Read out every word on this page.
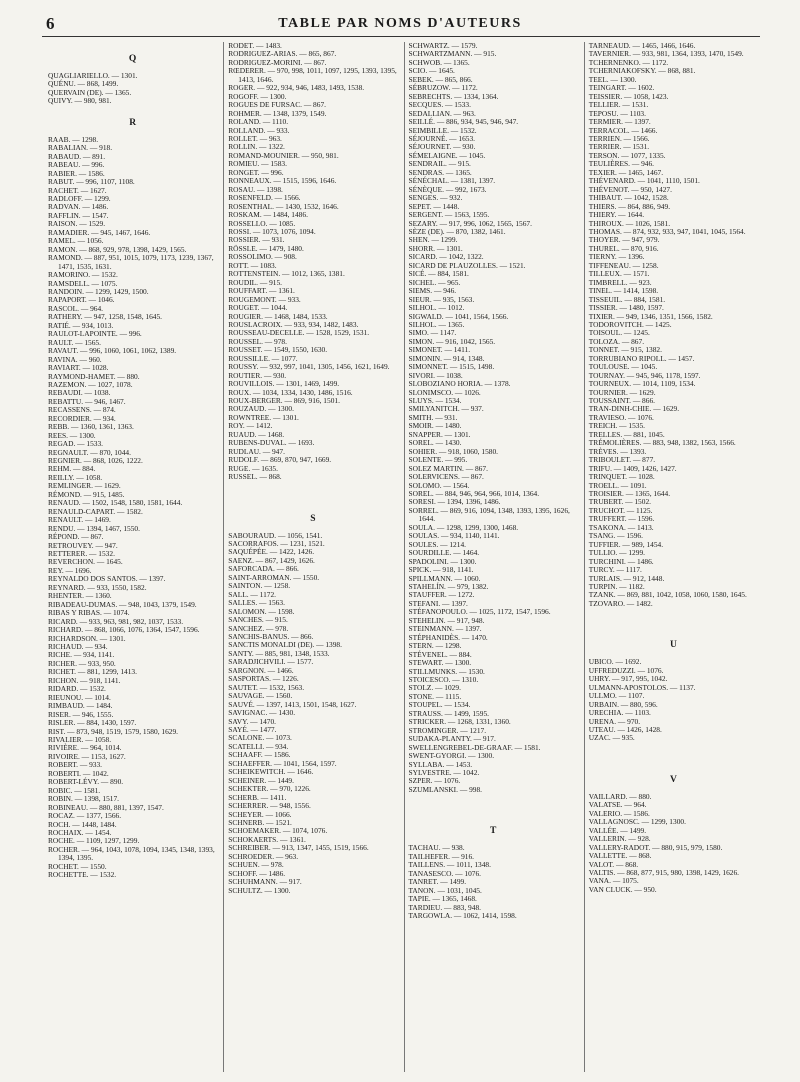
6	TABLE PAR NOMS D'AUTEURS
Q
QUAGLIARIELLO. — 1301.
QUÉNU. — 868, 1499.
QUERVAIN (DE). — 1365.
QUIVY. — 980, 981.
R
RAAB. — 1298.
RABALIAN. — 918.
RABAUD. — 891.
RABEAU. — 996.
RABIER. — 1586.
RABUT. — 996, 1107, 1108.
RACHET. — 1627.
RADLOFF. — 1299.
RADVAN. — 1486.
RAFFLIN. — 1547.
RAISON. — 1529.
RAMADIER. — 945, 1467, 1646.
RAMEL. — 1056.
RAMON. — 868, 929, 978, 1398, 1429, 1565.
RAMOND. — 887, 951, 1015, 1079, 1173, 1239, 1367, 1471, 1535, 1631.
RAMORINO. — 1532.
RAMSDELL. — 1075.
RANDOIN. — 1299, 1429, 1500.
RAPAPORT. — 1046.
RASCOL. — 964.
RATHERY. — 947, 1258, 1548, 1645.
RATIÉ. — 934, 1013.
RAULOT-LAPOINTE. — 996.
RAULT. — 1565.
RAVAUT. — 996, 1060, 1061, 1062, 1389.
RAVINA. — 960.
RAVIART. — 1028.
RAYMOND-HAMET. — 880.
RAZEMON. — 1027, 1078.
REBAUDI. — 1038.
REBATTU. — 946, 1467.
RECASSENS. — 874.
RECORDIER. — 934.
REBB. — 1360, 1361, 1363.
REES. — 1300.
REGAD. — 1533.
REGNAULT. — 870, 1044.
REGNIER. — 868, 1026, 1222.
REHM. — 884.
REILLY. — 1058.
REMLINGER. — 1629.
RÉMOND. — 915, 1485.
RENAUD. — 1502, 1548, 1580, 1581, 1644.
RENAULD-CAPART. — 1582.
RENAULT. — 1469.
RENDU. — 1394, 1467, 1550.
RÉPOND. — 867.
RETROUVEY. — 947.
RETTERER. — 1532.
REVERCHON. — 1645.
REY. — 1696.
REYNALDO DOS SANTOS. — 1397.
REYNARD. — 933, 1550, 1582.
RHENTER. — 1360.
RIBADEAU-DUMAS. — 948, 1043, 1379, 1549.
RIBAS Y RIBAS. — 1074.
RICARD. — 933, 963, 981, 982, 1037, 1533.
RICHARD. — 868, 1066, 1076, 1364, 1547, 1596.
RICHARDSON. — 1301.
RICHAUD. — 934.
RICHE. — 934, 1141.
RICHER. — 933, 950.
RICHET. — 881, 1299, 1413.
RICHON. — 918, 1141.
RIDARD. — 1532.
RIEUNOU. — 1014.
RIMBAUD. — 1484.
RISER. — 946, 1555.
RISLER. — 884, 1430, 1597.
RIST. — 873, 948, 1519, 1579, 1580, 1629.
RIVALIER. — 1058.
RIVIÈRE. — 964, 1014.
RIVOIRE. — 1153, 1627.
ROBERT. — 933.
ROBERTI. — 1042.
ROBERT-LÉVY. — 890.
ROBIC. — 1581.
ROBIN. — 1398, 1517.
ROBINEAU. — 880, 881, 1397, 1547.
ROCAZ. — 1377, 1566.
ROCH. — 1448, 1484.
ROCHAIX. — 1454.
ROCHE. — 1109, 1297, 1299.
ROCHER. — 964, 1043, 1078, 1094, 1345, 1348, 1393, 1394, 1395.
ROCHET. — 1550.
ROCHETTE. — 1532.
RODET. — 1483.
RODRIGUEZ-ARIAS. — 865, 867.
RODRIGUEZ-MORINI. — 867.
RŒDERER. — 970, 998, 1011, 1097, 1295, 1393, 1395, 1413, 1646.
ROGER. — 922, 934, 946, 1483, 1493, 1538.
ROGOFF. — 1300.
ROGUES DE FURSAC. — 867.
ROHMER. — 1348, 1379, 1549.
ROLAND. — 1110.
ROLLAND. — 933.
ROLLET. — 963.
ROLLIN. — 1322.
ROMAND-MOUNIER. — 950, 981.
ROMIEU. — 1583.
RONGET. — 996.
RONNEAUX. — 1515, 1596, 1646.
ROSAU. — 1398.
ROSENFELD. — 1566.
ROSENTHAL. — 1430, 1532, 1646.
ROSKAM. — 1484, 1486.
ROSSELLO. — 1085.
ROSSI. — 1073, 1076, 1094.
ROSSIER. — 931.
RÖSSLE. — 1479, 1480.
ROSSOLIMO. — 908.
ROTT. — 1083.
ROTTENSTEIN. — 1012, 1365, 1381.
ROUDIL. — 915.
ROUFFART. — 1361.
ROUGEMONT. — 933.
ROUGET. — 1044.
ROUGIER. — 1468, 1484, 1533.
ROUSLACROIX. — 933, 934, 1482, 1483.
ROUSSEAU-DECELLE. — 1528, 1529, 1531.
ROUSSEL. — 978.
ROUSSET. — 1549, 1550, 1630.
ROUSSILLE. — 1077.
ROUSSY. — 932, 997, 1041, 1305, 1456, 1621, 1649.
ROUTIER. — 930.
ROUVILLOIS. — 1301, 1469, 1499.
ROUX. — 1034, 1334, 1430, 1486, 1516.
ROUX-BERGER. — 869, 916, 1501.
ROUZAUD. — 1300.
ROWNTREE. — 1301.
ROY. — 1412.
RUAUD. — 1468.
RUBENS-DUVAL. — 1693.
RUDLAU. — 947.
RUDOLF. — 869, 870, 947, 1669.
RUGE. — 1635.
RUSSEL. — 868.
S
SABOURAUD. — 1056, 1541.
SACORRAFOS. — 1231, 1521.
SAQUÉPÉE. — 1422, 1426.
SAENZ. — 867, 1429, 1626.
SAFORCADA. — 866.
SAINT-ARROMAN. — 1550.
SAINTON. — 1258.
SALL. — 1172.
SALLES. — 1563.
SALOMON. — 1598.
SANCHES. — 915.
SANCHEZ. — 978.
SANCHIS-BANUS. — 866.
SANCTIS MONALDI (DE). — 1398.
SANTY. — 885, 981, 1348, 1533.
SARADJICHVILI. — 1577.
SARGNON. — 1466.
SASPORTAS. — 1226.
SAUTET. — 1532, 1563.
SAUVAGE. — 1560.
SAUVÉ. — 1397, 1413, 1501, 1548, 1627.
SAVIGNAC. — 1430.
SAVY. — 1470.
SAYÉ. — 1477.
SCALONE. — 1073.
SCATELLI. — 934.
SCHAAFF. — 1586.
SCHAEFFER. — 1041, 1564, 1597.
SCHEIKEWITCH. — 1646.
SCHEINER. — 1449.
SCHEKTER. — 970, 1226.
SCHERB. — 1411.
SCHERRER. — 948, 1556.
SCHEYER. — 1066.
SCHNERB. — 1521.
SCHOEMAKER. — 1074, 1076.
SCHOKAERTS. — 1361.
SCHREIBER. — 913, 1347, 1455, 1519, 1566.
SCHROEDER. — 963.
SCHUEN. — 978.
SCHOFF. — 1486.
SCHUHMANN. — 917.
SCHULTZ. — 1300.
SCHWARTZ. — 1579.
SCHWARTZMANN. — 915.
SCHWOB. — 1365.
SCIO. — 1645.
SEBEK. — 865, 866.
SÉBRUZOW. — 1172.
SEBRECHTS. — 1334, 1364.
SECQUES. — 1533.
SEDALLIAN. — 963.
SEILLÉ. — 886, 934, 945, 946, 947.
SEIMBILLE. — 1532.
SÉJOURNÉ. — 1653.
SÉJOURNET. — 930.
SÉMELAIGNE. — 1045.
SENDRAIL. — 915.
SENDRAS. — 1365.
SÉNÉCHAL. — 1381, 1397.
SÉNÈQUE. — 992, 1673.
SENGES. — 932.
SEPET. — 1448.
SERGENT. — 1563, 1595.
SEZARY. — 917, 996, 1062, 1565, 1567.
SÈZE (DE). — 870, 1382, 1461.
SHEN. — 1299.
SHORR. — 1301.
SICARD. — 1042, 1322.
SICARD DE PLAUZOLLES. — 1521.
SICÉ. — 884, 1581.
SICHEL. — 965.
SIEMS. — 946.
SIEUR. — 935, 1563.
SILHOL. — 1012.
SIGWALD. — 1041, 1564, 1566.
SILHOL. — 1365.
SIMO. — 1147.
SIMON. — 916, 1042, 1565.
SIMONET. — 1411.
SIMONIN. — 914, 1348.
SIMONNET. — 1515, 1498.
SIVORI. — 1038.
SLOBOZIANO HORIA. — 1378.
SLONIMSCO. — 1026.
SLUYS. — 1534.
SMILYANITCH. — 937.
SMITH. — 931.
SMOIR. — 1480.
SNAPPER. — 1301.
SOREL. — 1430.
SOHIER. — 918, 1060, 1580.
SOLENTE. — 995.
SOLEZ MARTIN. — 867.
SOLERVICENS. — 867.
SOLOMO. — 1564.
SOREL. — 884, 946, 964, 966, 1014, 1364.
SORESI. — 1394, 1396, 1486.
SORREL. — 869, 916, 1094, 1348, 1393, 1395, 1626, 1644.
SOULA. — 1298, 1299, 1300, 1468.
SOULAS. — 934, 1140, 1141.
SOULES. — 1214.
SOURDILLE. — 1464.
SPADOLINI. — 1300.
SPICK. — 918, 1141.
SPILLMANN. — 1060.
STAHELÍN. — 979, 1382.
STAUFFER. — 1272.
STEFANI. — 1397.
STÉFANOPOULO. — 1025, 1172, 1547, 1596.
STEHELIN. — 917, 948.
STEINMANN. — 1397.
STÉPHANIDÈS. — 1470.
STERN. — 1298.
STÉVENEL. — 884.
STEWART. — 1300.
STILLMUNKS. — 1530.
STOICESCO. — 1310.
STOLZ. — 1029.
STONE. — 1115.
STOUPEL. — 1534.
STRAUSS. — 1499, 1595.
STRICKER. — 1268, 1331, 1360.
STROMINGER. — 1217.
SUDAKA-PLANTY. — 917.
SWELLENGREBEL-DE-GRAAF. — 1581.
SWENT-GYORGI. — 1300.
SYLLABA. — 1453.
SYLVESTRE. — 1042.
SZPER. — 1076.
SZUMLANSKI. — 998.
T
TACHAU. — 938.
TAILHEFER. — 916.
TAILLENS. — 1011, 1348.
TANASESCO. — 1076.
TANRET. — 1499.
TANON. — 1031, 1045.
TAPIE. — 1365, 1468.
TARDIEU. — 883, 948.
TARGOWLA. — 1062, 1414, 1598.
TARNEAUD. — 1465, 1466, 1646.
TAVERNIER. — 933, 981, 1364, 1393, 1470, 1549.
TCHERNENKO. — 1172.
TCHERNIAKOFSKY. — 868, 881.
TEEL. — 1300.
TEINGART. — 1602.
TEISSIER. — 1058, 1423.
TELLIER. — 1531.
TEPOSU. — 1103.
TERMIER. — 1397.
TERRACOL. — 1466.
TERRIEN. — 1566.
TERRIER. — 1531.
TERSON. — 1077, 1335.
TEULIÈRES. — 946.
TEXIER. — 1465, 1467.
THÉVENARD. — 1041, 1110, 1501.
THÉVENOT. — 950, 1427.
THIBAUT. — 1042, 1528.
THIERS. — 864, 886, 949.
THIERY. — 1644.
THIROUX. — 1026, 1581.
THOMAS. — 874, 932, 933, 947, 1041, 1045, 1564.
THOYER. — 947, 979.
THUREL. — 870, 916.
TIERNY. — 1396.
TIFFENEAU. — 1258.
TILLEUX. — 1571.
TIMBRELL. — 923.
TINEL. — 1414, 1598.
TISSEUIL. — 884, 1581.
TISSIER. — 1480, 1597.
TIXIER. — 949, 1346, 1351, 1566, 1582.
TODOROVITCH. — 1425.
TOISOUL. — 1245.
TOLOZA. — 867.
TONNET. — 915, 1382.
TORRUBIANO RIPOLL. — 1457.
TOULOUSE. — 1045.
TOURNAY. — 945, 946, 1178, 1597.
TOURNEUX. — 1014, 1109, 1534.
TOURNIER. — 1629.
TOUSSAINT. — 866.
TRAN-DINH-CHIE. — 1629.
TRAVIESO. — 1076.
TREICH. — 1535.
TRELLES. — 881, 1045.
TRÉMOLIÈRES. — 883, 948, 1382, 1563, 1566.
TRÈVES. — 1393.
TRIBOULET. — 877.
TRIFU. — 1409, 1426, 1427.
TRINQUET. — 1028.
TROELL. — 1091.
TROISIER. — 1365, 1644.
TRUBERT. — 1502.
TRUCHOT. — 1125.
TRUFFERT. — 1596.
TSAKONA. — 1413.
TSANG. — 1596.
TUFFIER. — 989, 1454.
TULLIO. — 1299.
TURCHINI. — 1486.
TURCY. — 1117.
TURLAIS. — 912, 1448.
TURPIN. — 1182.
TZANK. — 869, 881, 1042, 1058, 1060, 1580, 1645.
TZOVARO. — 1482.
U
UBICO. — 1692.
UFFREDUZZI. — 1076.
UHRY. — 917, 995, 1042.
ULMANN-APOSTOLOS. — 1137.
ULLMO. — 1107.
URBAIN. — 880, 596.
URECHIA. — 1103.
URENA. — 970.
UTEAU. — 1426, 1428.
UZAC. — 935.
V
VAILLARD. — 880.
VALATSE. — 964.
VALERIO. — 1586.
VALLAGNOSC. — 1299, 1300.
VALLÉE. — 1499.
VALLERIN. — 928.
VALLERY-RADOT. — 880, 915, 979, 1580.
VALLETTE. — 868.
VALOT. — 868.
VALTIS. — 868, 877, 915, 980, 1398, 1429, 1626.
VANA. — 1075.
VAN CLUCK. — 950.
